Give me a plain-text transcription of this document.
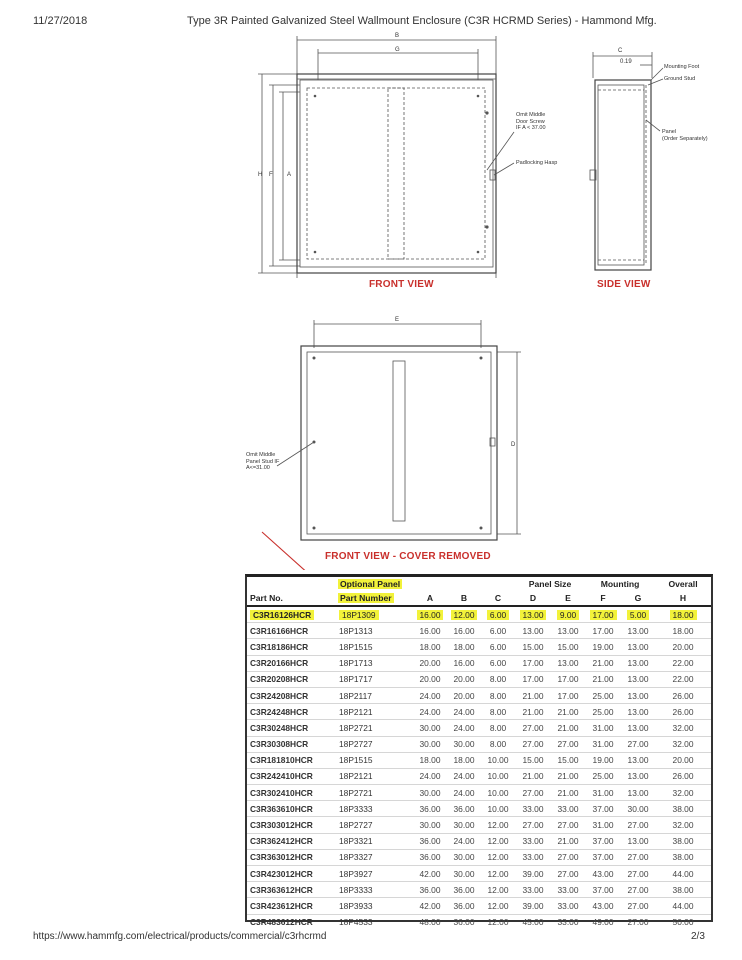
11/27/2018	Type 3R Painted Galvanized Steel Wallmount Enclosure (C3R HCRMD Series) - Hammond Mfg.
https://www.hammfg.com/electrical/products/commercial/c3rhcrmd	2/3
B
G
H F A
C
0.19
E
D
FRONT VIEW	SIDE VIEW
FRONT VIEW - COVER REMOVED
Omit Middle
Door Screw
IF A < 37.00
Padlocking Hasp
Mounting Foot
Ground Stud
Panel
(Order Separately)
Omit Middle
Panel Stud IF
A<=31.00
	Optional Panel				Panel Size		Mounting		Overall
Part No.	Part Number	A	B	C	D	E	F	G	H
C3R16126HCR	18P1309	16.00	12.00	6.00	13.00	9.00	17.00	5.00	18.00
C3R16166HCR	18P1313	16.00	16.00	6.00	13.00	13.00	17.00	13.00	18.00
C3R18186HCR	18P1515	18.00	18.00	6.00	15.00	15.00	19.00	13.00	20.00
C3R20166HCR	18P1713	20.00	16.00	6.00	17.00	13.00	21.00	13.00	22.00
C3R20208HCR	18P1717	20.00	20.00	8.00	17.00	17.00	21.00	13.00	22.00
C3R24208HCR	18P2117	24.00	20.00	8.00	21.00	17.00	25.00	13.00	26.00
C3R24248HCR	18P2121	24.00	24.00	8.00	21.00	21.00	25.00	13.00	26.00
C3R30248HCR	18P2721	30.00	24.00	8.00	27.00	21.00	31.00	13.00	32.00
C3R30308HCR	18P2727	30.00	30.00	8.00	27.00	27.00	31.00	27.00	32.00
C3R181810HCR	18P1515	18.00	18.00	10.00	15.00	15.00	19.00	13.00	20.00
C3R242410HCR	18P2121	24.00	24.00	10.00	21.00	21.00	25.00	13.00	26.00
C3R302410HCR	18P2721	30.00	24.00	10.00	27.00	21.00	31.00	13.00	32.00
C3R363610HCR	18P3333	36.00	36.00	10.00	33.00	33.00	37.00	30.00	38.00
C3R303012HCR	18P2727	30.00	30.00	12.00	27.00	27.00	31.00	27.00	32.00
C3R362412HCR	18P3321	36.00	24.00	12.00	33.00	21.00	37.00	13.00	38.00
C3R363012HCR	18P3327	36.00	30.00	12.00	33.00	27.00	37.00	27.00	38.00
C3R423012HCR	18P3927	42.00	30.00	12.00	39.00	27.00	43.00	27.00	44.00
C3R363612HCR	18P3333	36.00	36.00	12.00	33.00	33.00	37.00	27.00	38.00
C3R423612HCR	18P3933	42.00	36.00	12.00	39.00	33.00	43.00	27.00	44.00
C3R483612HCR	18P4533	48.00	36.00	12.00	45.00	33.00	49.00	27.00	50.00
